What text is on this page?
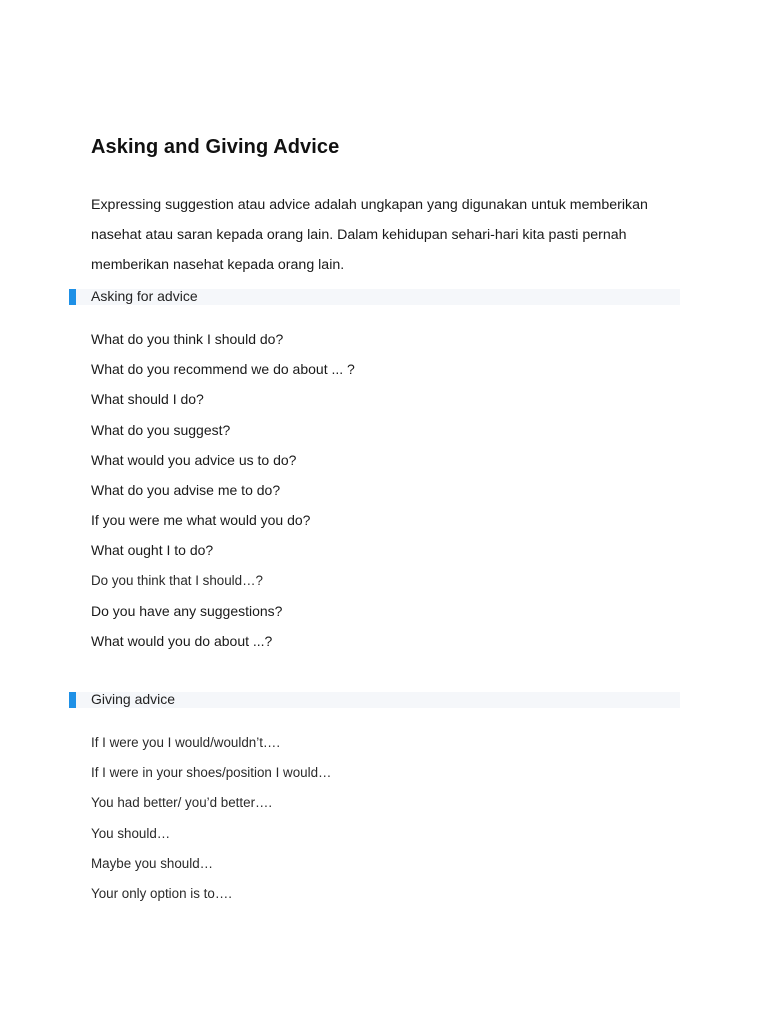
Asking and Giving Advice

Expressing suggestion atau advice adalah ungkapan yang digunakan untuk memberikan nasehat atau saran kepada orang lain. Dalam kehidupan sehari-hari kita pasti pernah memberikan nasehat kepada orang lain.

Asking for advice
What do you think I should do?
What do you recommend we do about ... ?
What should I do?
What do you suggest?
What would you advice us to do?
What do you advise me to do?
If you were me what would you do?
What ought I to do?
Do you think that I should…?
Do you have any suggestions?
What would you do about ...?
Giving advice
If I were you I would/wouldn’t….
If I were in your shoes/position I would…
You had better/ you’d better….
You should…
Maybe you should…
Your only option is to….
